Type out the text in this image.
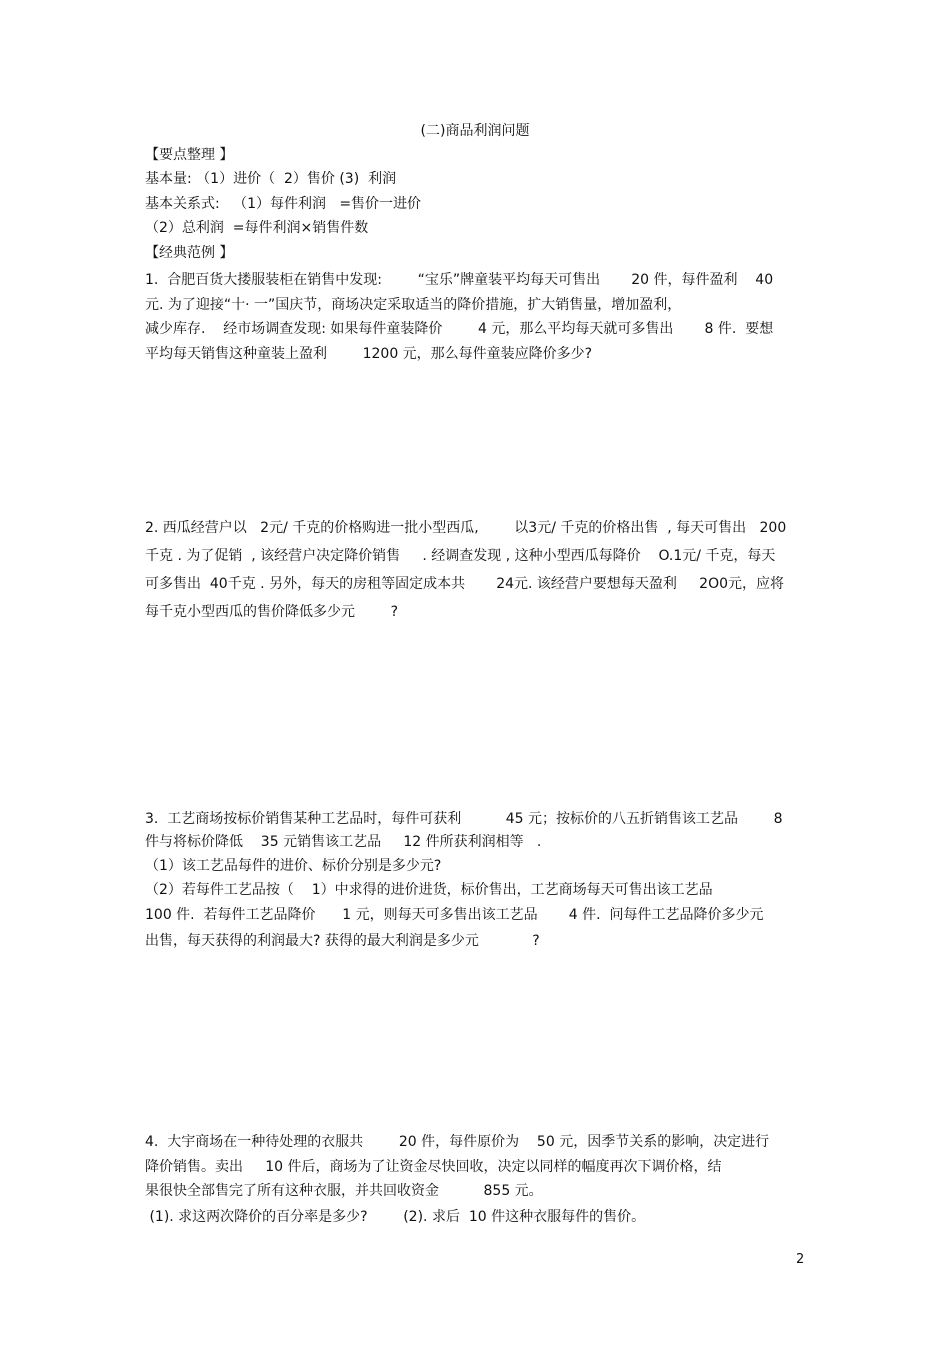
(二)商品利润问题

【要点整理 】

基本量: （1）进价（  2）售价 (3)  利润

基本关系式:   （1）每件利润   =售价一进价

（2）总利润  =每件利润×销售件数

【经典范例 】

1.  合肥百货大搂服装柜在销售中发现:        “宝乐”牌童装平均每天可售出       20 件，每件盈利    40

元. 为了迎接“十· 一”国庆节，商场决定采取适当的降价措施，扩大销售量，增加盈利，

减少库存.    经市场调查发现: 如果每件童装降价        4 元，那么平均每天就可多售出       8 件.  要想

平均每天销售这种童装上盈利        1200 元，那么每件童装应降价多少?

2. 西瓜经营户以   2元/ 千克的价格购进一批小型西瓜,        以3元/ 千克的价格出售  , 每天可售出   200

千克 . 为了促销  , 该经营户决定降价销售     . 经调查发现 , 这种小型西瓜每降价    O.1元/ 千克，每天

可多售出  40千克 . 另外，每天的房租等固定成本共       24元. 该经营户要想每天盈利     2O0元，应将

每千克小型西瓜的售价降低多少元        ?

3.  工艺商场按标价销售某种工艺品时，每件可获利          45 元；按标价的八五折销售该工艺品        8

件与将标价降低    35 元销售该工艺品     12 件所获利润相等   .

（1）该工艺品每件的进价、标价分别是多少元?

（2）若每件工艺品按（    1）中求得的进价进货，标价售出，工艺商场每天可售出该工艺品

100 件.  若每件工艺品降价      1 元，则每天可多售出该工艺品       4 件.  问每件工艺品降价多少元

出售，每天获得的利润最大? 获得的最大利润是多少元            ?

4.  大宇商场在一种待处理的衣服共        20 件，每件原价为    50 元，因季节关系的影响，决定进行

降价销售。卖出     10 件后，商场为了让资金尽快回收，决定以同样的幅度再次下调价格，结

果很快全部售完了所有这种衣服，并共回收资金          855 元。

(1). 求这两次降价的百分率是多少?        (2). 求后  10 件这种衣服每件的售价。

2
